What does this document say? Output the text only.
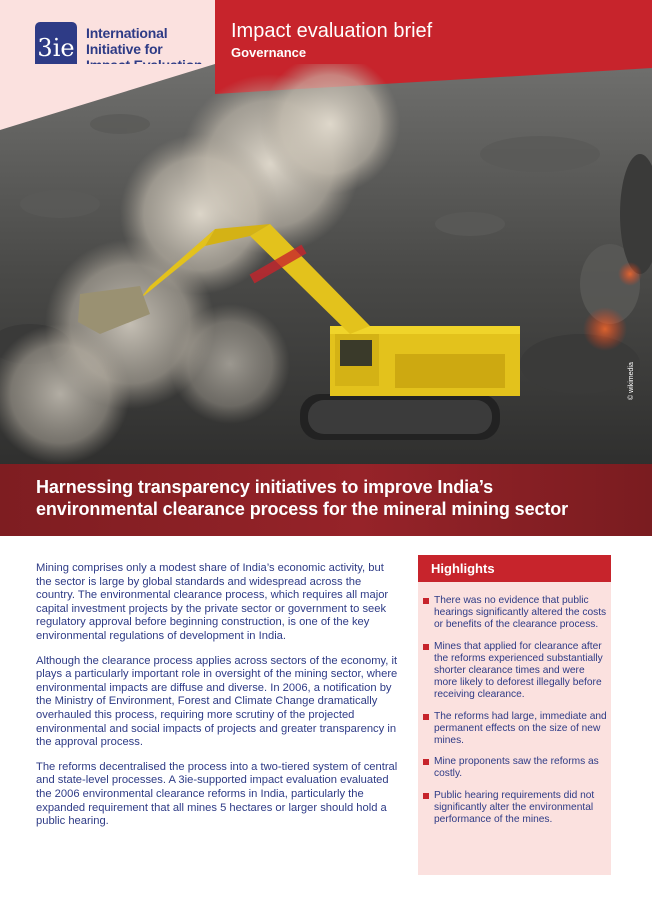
3ie
International
Initiative for
Impact evaluation brief
Governance
© wikimedia
Harnessing transparency initiatives to improve India’s
environmental clearance process for the mineral mining sector

Mining comprises only a modest share of India’s economic activity, but the sector is large by global standards and widespread across the country. The environmental clearance process, which requires all major capital investment projects by the private sector or government to seek regulatory approval before beginning construction, is one of the key environmental regulations of development in India.

Although the clearance process applies across sectors of the economy, it plays a particularly important role in oversight of the mining sector, where environmental impacts are diffuse and diverse. In 2006, a notification by the Ministry of Environment, Forest and Climate Change dramatically overhauled this process, requiring more scrutiny of the projected environmental and social impacts of projects and greater transparency in the approval process.

The reforms decentralised the process into a two-tiered system of central and state-level processes. A 3ie-supported impact evaluation evaluated the 2006 environmental clearance reforms in India, particularly the expanded requirement that all mines 5 hectares or larger should hold a public hearing.

Highlights
There was no evidence that public hearings significantly altered the costs or benefits of the clearance process.
Mines that applied for clearance after the reforms experienced substantially shorter clearance times and were more likely to deforest illegally before receiving clearance.
The reforms had large, immediate and permanent effects on the size of new mines.
Mine proponents saw the reforms as costly.
Public hearing requirements did not significantly alter the environmental performance of the mines.
